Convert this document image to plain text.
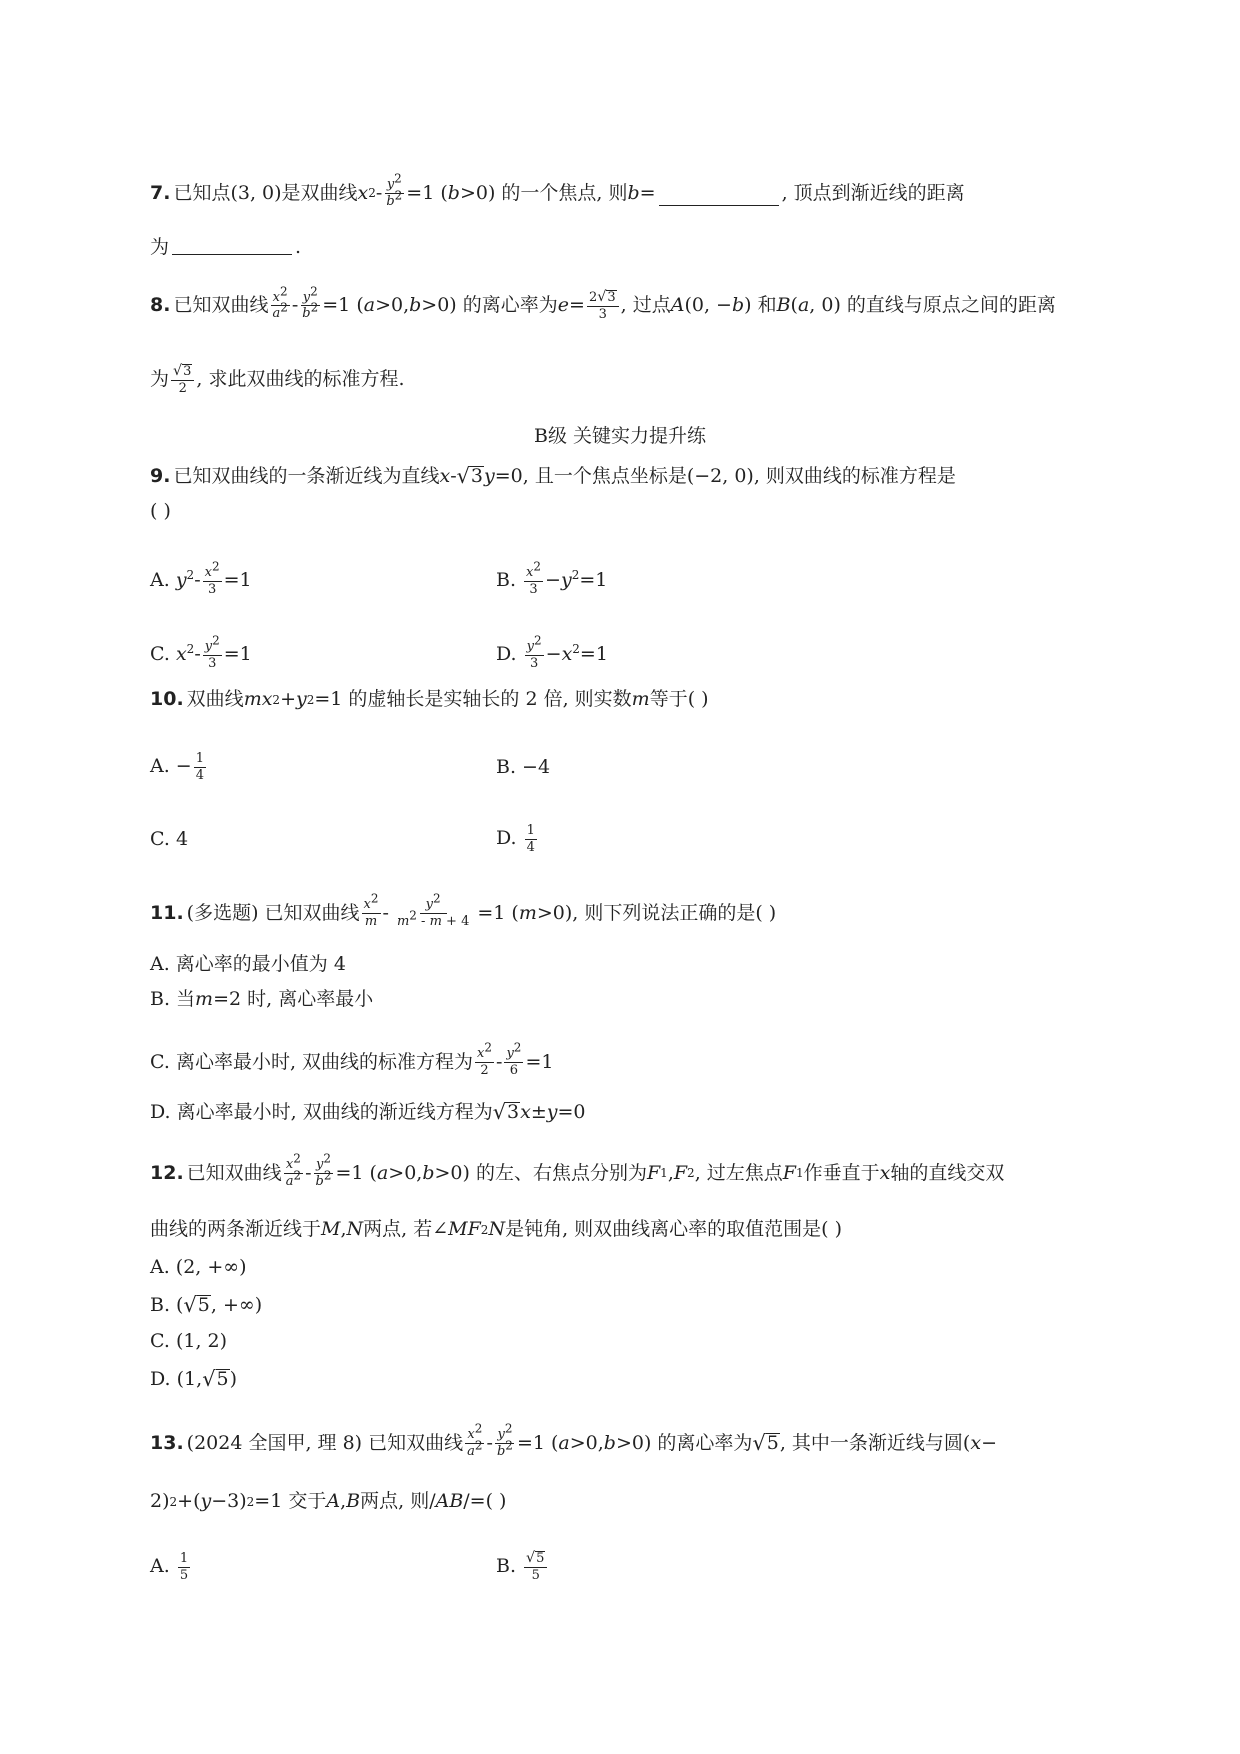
7. 已知点(3, 0)是双曲线 x $2 - \frac{y^2}{b^2} =1$ ( b >0) 的一个焦点, 则 b =	, 顶点到渐近线的距离
为	.
8. 已知双曲线 $\frac{x^2}{a^2} - \frac{y^2}{b^2} =1$ ( a >0, b >0) 的离心率为 $e = \frac{2 √ 3}{3}$ , 过点 A (0, − b ) 和 B ( a , 0) 的直线与原点之间的距离
为 $\frac{√ 3}{2}$ , 求此双曲线的标准方程.
B级 关键实力提升练
9. 已知双曲线的一条渐近线为直线 x - √ 3 y =0, 且一个焦点坐标是(−2, 0), 则双曲线的标准方程是
( )
A. $y^2- \frac{x^2}{3} =1$	B. $\frac{x^2}{3} -y^2=1$
C. $x^2- \frac{y^2}{3} =1$	D. $\frac{y^2}{3} -x^2=1$
10. 双曲线 mx 2 + y 2 =1 的虚轴长是实轴长的 2 倍, 则实数 m 等于( )
A. − $\frac{1}{4}$	B. −4
C. 4	D. $\frac{1}{4}$
11. (多选题) 已知双曲线 $\frac{x^2}{m} - \frac{y^2}{m^2 - m + 4} =1$ ( m >0), 则下列说法正确的是( )
A. 离心率的最小值为 4
B. 当 m =2 时, 离心率最小
C. 离心率最小时, 双曲线的标准方程为 $\frac{x^2}{2} - \frac{y^2}{6} =1$
D. 离心率最小时, 双曲线的渐近线方程为 √ 3 x ± y =0
12. 已知双曲线 $\frac{x^2}{a^2} - \frac{y^2}{b^2} =1$ ( a >0, b >0) 的左、右焦点分别为 F 1 , F 2 , 过左焦点 F 1 作垂直于 x 轴的直线交双
曲线的两条渐近线于 M , N 两点, 若∠ MF 2 N 是钝角, 则双曲线离心率的取值范围是( )
A. (2, +∞)
B. ( √ 5 , +∞)
C. (1, 2)
D. (1, √ 5 )
13. (2024 全国甲, 理 8) 已知双曲线 $\frac{x^2}{a^2} - \frac{y^2}{b^2} =1$ ( a >0, b >0) 的离心率为 √ 5 , 其中一条渐近线与圆( x −
2) 2 +( y −3) 2 =1 交于 A , B 两点, 则/ AB /=( )
A. $\frac{1}{5}$	B. $\frac{√ 5}{5}$
